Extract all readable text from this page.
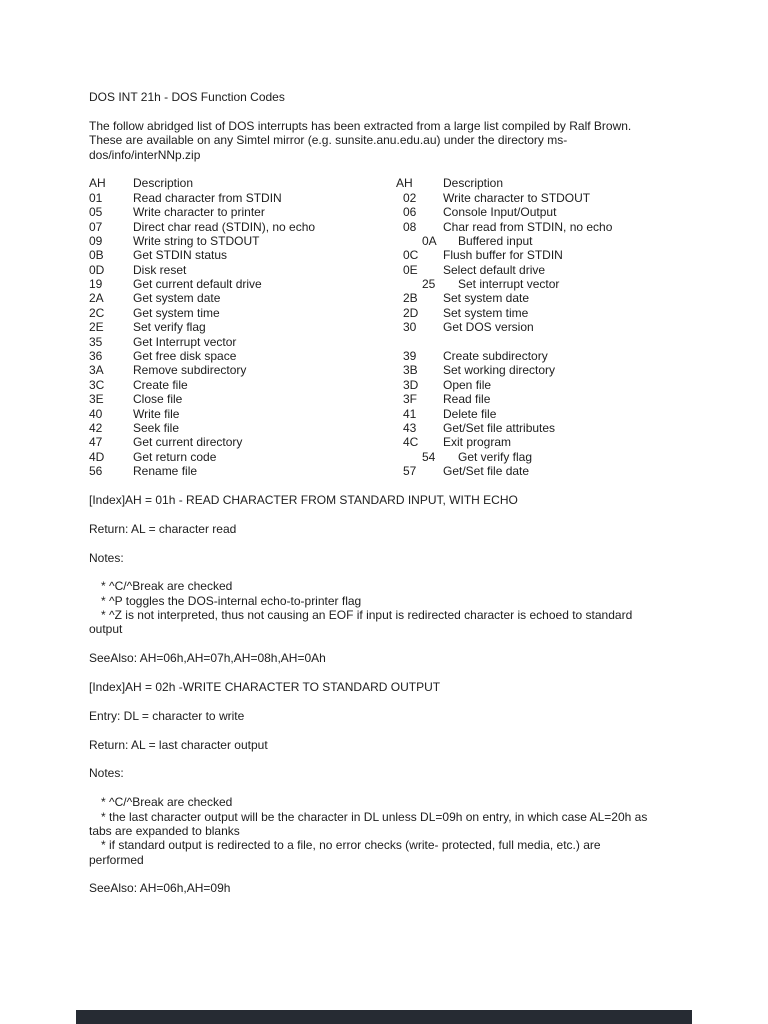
DOS INT 21h - DOS Function Codes
The follow abridged list of DOS interrupts has been extracted from a large list compiled by Ralf Brown.
These are available on any Simtel mirror (e.g. sunsite.anu.edu.au) under the directory ms-
dos/info/interNNp.zip
AH Description	AH	Description
01	Read character from STDIN	02 Write character to STDOUT
05	Write character to printer	06 Console Input/Output
07	Direct char read (STDIN), no echo	08 Char read from STDIN, no echo
09	Write string to STDOUT	0A Buffered input
0B Get STDIN status	0C Flush buffer for STDIN
0D Disk reset	0E Select default drive
19	Get current default drive	25 Set interrupt vector
2A Get system date	2B Set system date
2C Get system time	2D Set system time
2E Set verify flag	30 Get DOS version
35	Get Interrupt vector
36	Get free disk space	39 Create subdirectory
3A Remove subdirectory	3B Set working directory
3C Create file	3D Open file
3E Close file	3F Read file
40	Write file	41 Delete file
42	Seek file	43 Get/Set file attributes
47	Get current directory	4C Exit program
4D Get return code	54 Get verify flag
56	Rename file	57 Get/Set file date
[Index]AH = 01h - READ CHARACTER FROM STANDARD INPUT, WITH ECHO
Return: AL = character read
Notes:
* ^C/^Break are checked
* ^P toggles the DOS-internal echo-to-printer flag
* ^Z is not interpreted, thus not causing an EOF if input is redirected character is echoed to standard
output
SeeAlso: AH=06h,AH=07h,AH=08h,AH=0Ah
[Index]AH = 02h -WRITE CHARACTER TO STANDARD OUTPUT
Entry: DL = character to write
Return: AL = last character output
Notes:
* ^C/^Break are checked
* the last character output will be the character in DL unless DL=09h on entry, in which case AL=20h as
tabs are expanded to blanks
* if standard output is redirected to a file, no error checks (write- protected, full media, etc.) are
performed
SeeAlso: AH=06h,AH=09h
